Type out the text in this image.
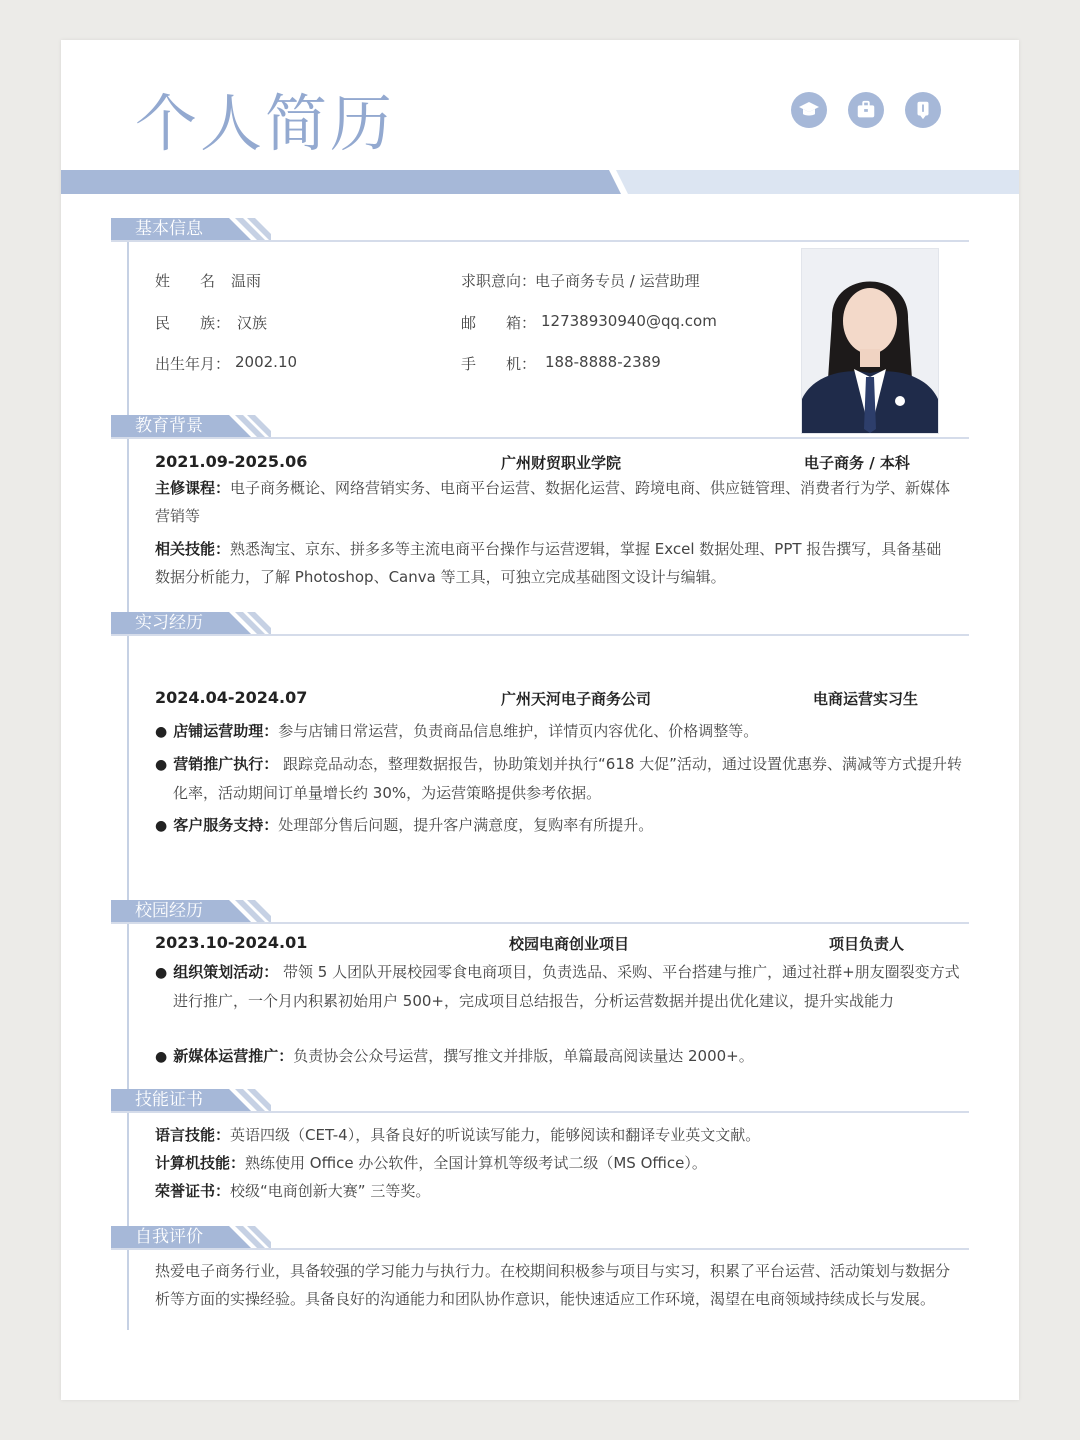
个人简历
基本信息
姓　　名 温雨
民　　族： 汉族
出生年月： 2002.10
求职意向：
电子商务专员 / 运营助理
邮　　箱： 12738930940@qq.com
手　　机： 188-8888-2389
教育背景
2021.09-2025.06	广州财贸职业学院	电子商务 / 本科
主修课程：电子商务概论、网络营销实务、电商平台运营、数据化运营、跨境电商、供应链管理、消费者行为学、新媒体营销等
相关技能：熟悉淘宝、京东、拼多多等主流电商平台操作与运营逻辑，掌握 Excel 数据处理、PPT 报告撰写，具备基础数据分析能力，了解 Photoshop、Canva 等工具，可独立完成基础图文设计与编辑。
实习经历
2024.04-2024.07	广州天河电子商务公司	电商运营实习生
● 店铺运营助理：参与店铺日常运营，负责商品信息维护，详情页内容优化、价格调整等。
● 营销推广执行： 跟踪竞品动态，整理数据报告，协助策划并执行“618 大促”活动，通过设置优惠券、满减等方式提升转化率，活动期间订单量增长约 30%，为运营策略提供参考依据。
● 客户服务支持：处理部分售后问题，提升客户满意度，复购率有所提升。
校园经历
2023.10-2024.01	校园电商创业项目	项目负责人
● 组织策划活动： 带领 5 人团队开展校园零食电商项目，负责选品、采购、平台搭建与推广，通过社群+朋友圈裂变方式进行推广，一个月内积累初始用户 500+，完成项目总结报告，分析运营数据并提出优化建议，提升实战能力
● 新媒体运营推广：负责协会公众号运营，撰写推文并排版，单篇最高阅读量达 2000+。
技能证书
语言技能：英语四级（CET-4），具备良好的听说读写能力，能够阅读和翻译专业英文文献。
计算机技能：熟练使用 Office 办公软件，全国计算机等级考试二级（MS Office）。
荣誉证书：校级“电商创新大赛” 三等奖。
自我评价
热爱电子商务行业，具备较强的学习能力与执行力。在校期间积极参与项目与实习，积累了平台运营、活动策划与数据分析等方面的实操经验。具备良好的沟通能力和团队协作意识，能快速适应工作环境，渴望在电商领域持续成长与发展。
